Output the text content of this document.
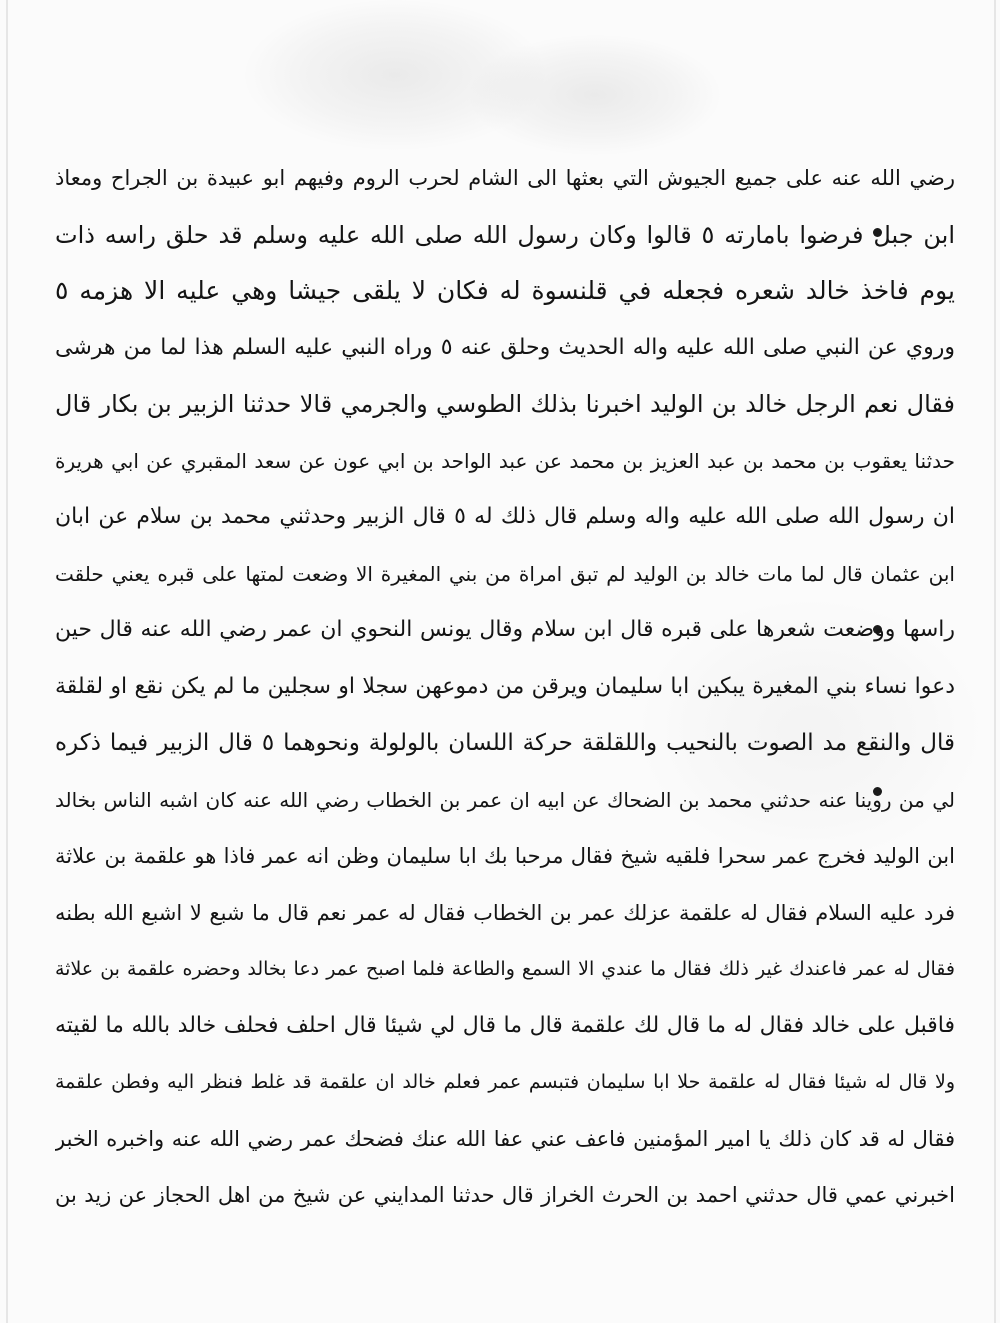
رضي الله عنه على جميع الجيوش التي بعثها الى الشام لحرب الروم وفيهم ابو عبيدة بن الجراح ومعاذ
ابن جبل فرضوا بامارته ٥ قالوا وكان رسول الله صلى الله عليه وسلم قد حلق راسه ذات
يوم فاخذ خالد شعره فجعله في قلنسوة له فكان لا يلقى جيشا وهي عليه الا هزمه ٥
وروي عن النبي صلى الله عليه واله الحديث وحلق عنه ٥ وراه النبي عليه السلم هذا لما من هرشى
فقال نعم الرجل خالد بن الوليد اخبرنا بذلك الطوسي والجرمي قالا حدثنا الزبير بن بكار قال
حدثنا يعقوب بن محمد بن عبد العزيز بن محمد عن عبد الواحد بن ابي عون عن سعد المقبري عن ابي هريرة
ان رسول الله صلى الله عليه واله وسلم قال ذلك له ٥ قال الزبير وحدثني محمد بن سلام عن ابان
ابن عثمان قال لما مات خالد بن الوليد لم تبق امراة من بني المغيرة الا وضعت لمتها على قبره يعني حلقت
راسها ووضعت شعرها على قبره قال ابن سلام وقال يونس النحوي ان عمر رضي الله عنه قال حين
دعوا نساء بني المغيرة يبكين ابا سليمان ويرقن من دموعهن سجلا او سجلين ما لم يكن نقع او لقلقة
قال والنقع مد الصوت بالنحيب واللقلقة حركة اللسان بالولولة ونحوهما ٥ قال الزبير فيما ذكره
لي من روينا عنه حدثني محمد بن الضحاك عن ابيه ان عمر بن الخطاب رضي الله عنه كان اشبه الناس بخالد
ابن الوليد فخرج عمر سحرا فلقيه شيخ فقال مرحبا بك ابا سليمان وظن انه عمر فاذا هو علقمة بن علاثة
فرد عليه السلام فقال له علقمة عزلك عمر بن الخطاب فقال له عمر نعم قال ما شبع لا اشبع الله بطنه
فقال له عمر فاعندك غير ذلك فقال ما عندي الا السمع والطاعة فلما اصبح عمر دعا بخالد وحضره علقمة بن علاثة
فاقبل على خالد فقال له ما قال لك علقمة قال ما قال لي شيئا قال احلف فحلف خالد بالله ما لقيته
ولا قال له شيئا فقال له علقمة حلا ابا سليمان فتبسم عمر فعلم خالد ان علقمة قد غلط فنظر اليه وفطن علقمة
فقال له قد كان ذلك يا امير المؤمنين فاعف عني عفا الله عنك فضحك عمر رضي الله عنه واخبره الخبر
اخبرني عمي قال حدثني احمد بن الحرث الخراز قال حدثنا المدايني عن شيخ من اهل الحجاز عن زيد بن
